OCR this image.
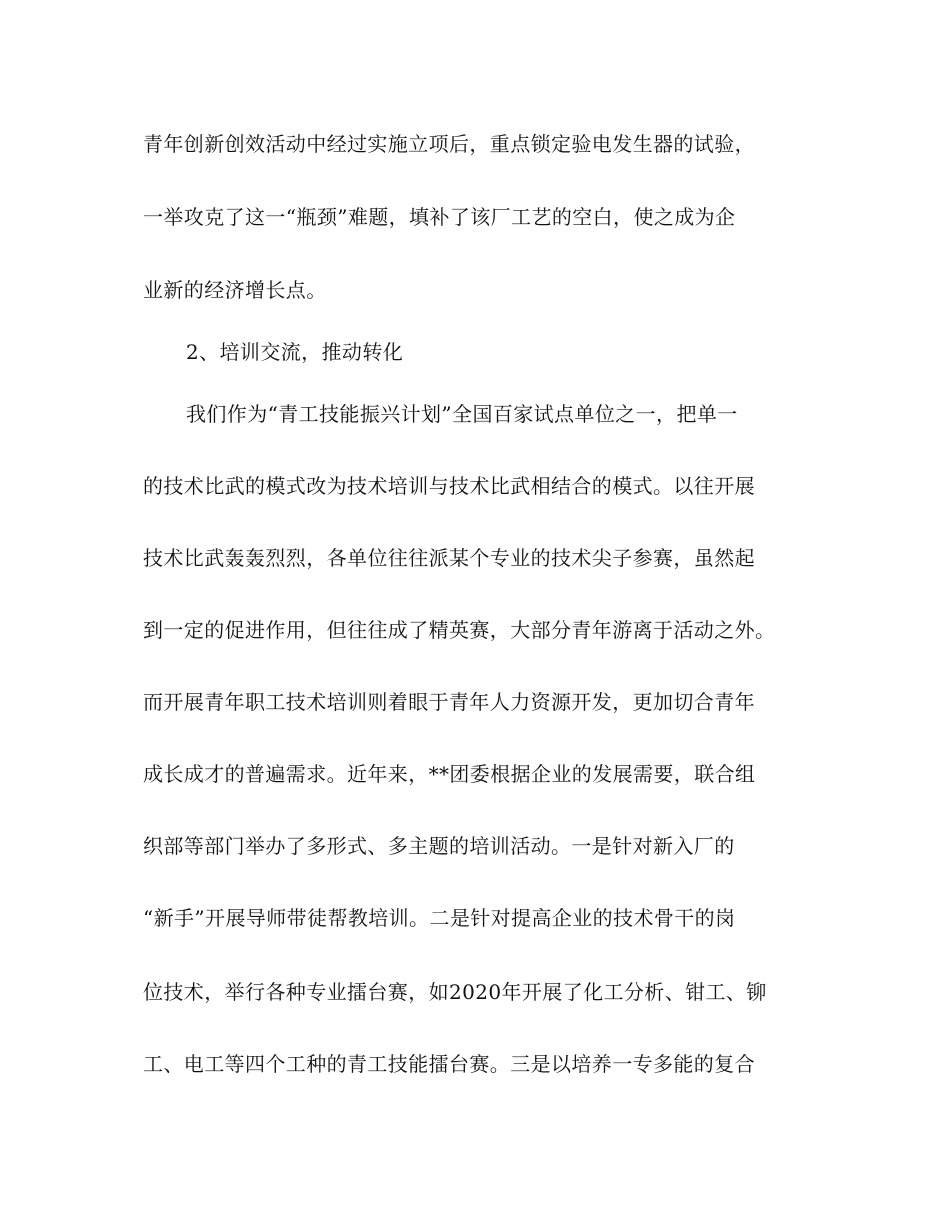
青年创新创效活动中经过实施立项后，重点锁定验电发生器的试验，

一举攻克了这一“瓶颈”难题，填补了该厂工艺的空白，使之成为企

业新的经济增长点。

2、培训交流，推动转化

我们作为“青工技能振兴计划”全国百家试点单位之一，把单一

的技术比武的模式改为技术培训与技术比武相结合的模式。以往开展

技术比武轰轰烈烈，各单位往往派某个专业的技术尖子参赛，虽然起

到一定的促进作用，但往往成了精英赛，大部分青年游离于活动之外。

而开展青年职工技术培训则着眼于青年人力资源开发，更加切合青年

成长成才的普遍需求。近年来，**团委根据企业的发展需要，联合组

织部等部门举办了多形式、多主题的培训活动。一是针对新入厂的

“新手”开展导师带徒帮教培训。二是针对提高企业的技术骨干的岗

位技术，举行各种专业擂台赛，如2020年开展了化工分析、钳工、铆

工、电工等四个工种的青工技能擂台赛。三是以培养一专多能的复合
